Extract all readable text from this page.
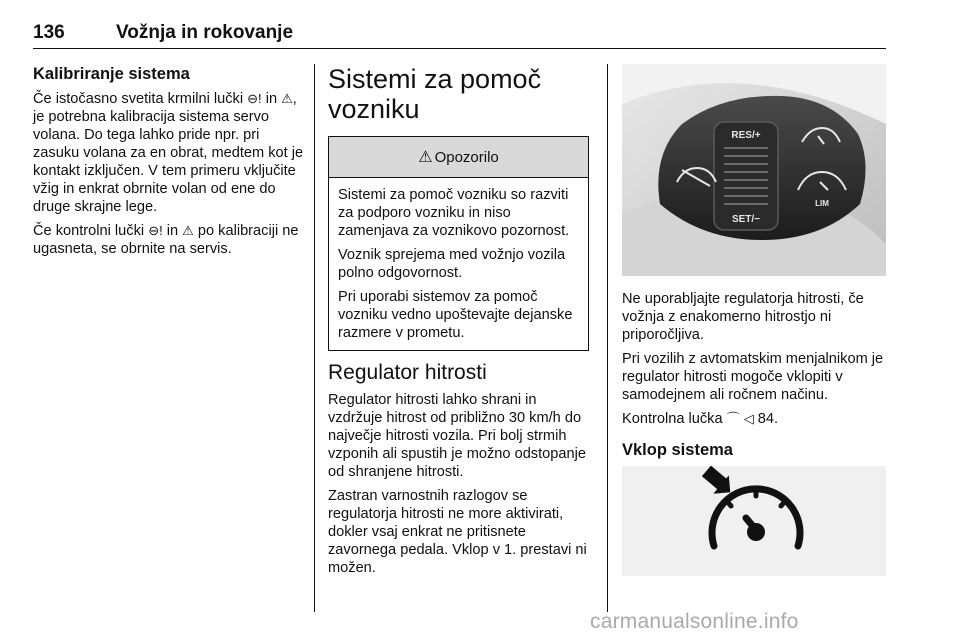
136	Vožnja in rokovanje
Kalibriranje sistema
Če istočasno svetita krmilni lučki ⊖! in ⚠, je potrebna kalibracija sistema servo volana. Do tega lahko pride npr. pri zasuku volana za en obrat, medtem kot je kontakt izključen. V tem primeru vključite vžig in enkrat obrnite volan od ene do druge skrajne lege.
Če kontrolni lučki ⊖! in ⚠ po kalibraciji ne ugasneta, se obrnite na servis.
Sistemi za pomoč vozniku
⚠ Opozorilo
Sistemi za pomoč vozniku so razviti za podporo vozniku in niso zamenjava za voznikovo pozornost.
Voznik sprejema med vožnjo vozila polno odgovornost.
Pri uporabi sistemov za pomoč vozniku vedno upoštevajte dejanske razmere v prometu.
Regulator hitrosti
Regulator hitrosti lahko shrani in vzdržuje hitrost od približno 30 km/h do največje hitrosti vozila. Pri bolj strmih vzponih ali spustih je možno odstopanje od shranjene hitrosti.
Zastran varnostnih razlogov se regulatorja hitrosti ne more aktivirati, dokler vsaj enkrat ne pritisnete zavornega pedala. Vklop v 1. prestavi ni možen.
RES/+
SET/−
LIM
Ne uporabljajte regulatorja hitrosti, če vožnja z enakomerno hitrostjo ni priporočljiva.
Pri vozilih z avtomatskim menjalnikom je regulator hitrosti mogoče vklopiti v samodejnem ali ročnem načinu.
Kontrolna lučka ⌒ ◁ 84.
Vklop sistema
carmanualsonline.info
